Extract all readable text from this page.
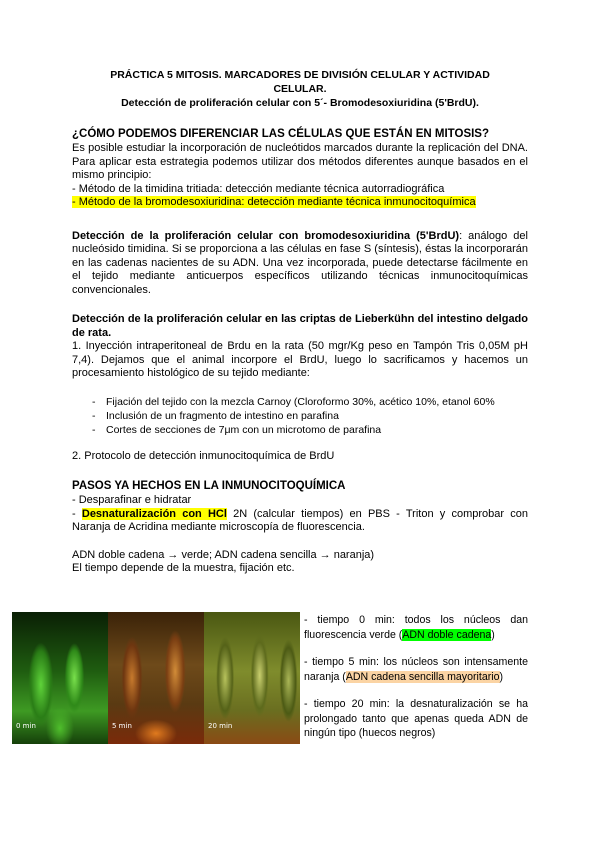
PRÁCTICA 5 MITOSIS. MARCADORES DE DIVISIÓN CELULAR Y ACTIVIDAD
CELULAR.
Detección de proliferación celular con 5´- Bromodesoxiuridina (5'BrdU).
¿CÓMO PODEMOS DIFERENCIAR LAS CÉLULAS QUE ESTÁN EN MITOSIS?

Es posible estudiar la incorporación de nucleótidos marcados durante la replicación del DNA. Para aplicar esta estrategia podemos utilizar dos métodos diferentes aunque basados en el mismo principio:

- Método de la timidina tritiada: detección mediante técnica autorradiográfica

- Método de la bromodesoxiuridina: detección mediante técnica inmunocitoquímica

Detección de la proliferación celular con bromodesoxiuridina (5'BrdU): análogo del nucleósido timidina. Si se proporciona a las células en fase S (síntesis), éstas la incorporarán en las cadenas nacientes de su ADN. Una vez incorporada, puede detectarse fácilmente en el tejido mediante anticuerpos específicos utilizando técnicas inmunocitoquímicas convencionales.

Detección de la proliferación celular en las criptas de Lieberkühn del intestino delgado de rata.

1. Inyección intraperitoneal de Brdu en la rata (50 mgr/Kg peso en Tampón Tris 0,05M pH 7,4). Dejamos que el animal incorpore el BrdU, luego lo sacrificamos y hacemos un procesamiento histológico de su tejido mediante:

- Fijación del tejido con la mezcla Carnoy (Cloroformo 30%, acético 10%, etanol 60%
- Inclusión de un fragmento de intestino en parafina
- Cortes de secciones de 7μm con un microtomo de parafina

2. Protocolo de detección inmunocitoquímica de BrdU

PASOS YA HECHOS EN LA INMUNOCITOQUÍMICA

- Desparafinar e hidratar

- Desnaturalización con HCl 2N (calcular tiempos) en PBS - Triton y comprobar con Naranja de Acridina mediante microscopía de fluorescencia.

ADN doble cadena → verde; ADN cadena sencilla → naranja)

El tiempo depende de la muestra, fijación etc.

0 min	5 min	20 min

- tiempo 0 min: todos los núcleos dan fluorescencia verde (ADN doble cadena)

- tiempo 5 min: los núcleos son intensamente naranja (ADN cadena sencilla mayoritario)

- tiempo 20 min: la desnaturalización se ha prolongado tanto que apenas queda ADN de ningún tipo (huecos negros)
